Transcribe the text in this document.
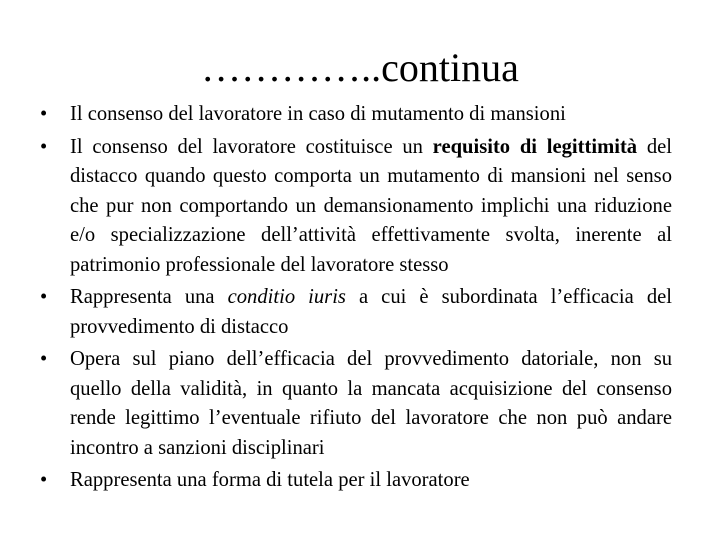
…………..continua
•	Il consenso del lavoratore in caso di mutamento di mansioni
•	Il consenso del lavoratore costituisce un requisito di legittimità del distacco quando questo comporta un mutamento di mansioni nel senso che pur non comportando un demansionamento implichi una riduzione e/o specializzazione dell’attività effettivamente svolta, inerente al patrimonio professionale del lavoratore stesso
•	Rappresenta una conditio iuris a cui è subordinata l’efficacia del provvedimento di distacco
•	Opera sul piano dell’efficacia del provvedimento datoriale, non su quello della validità, in quanto la mancata acquisizione del consenso rende legittimo l’eventuale rifiuto del lavoratore che non può andare incontro a sanzioni disciplinari
•	Rappresenta una forma di tutela per il lavoratore
